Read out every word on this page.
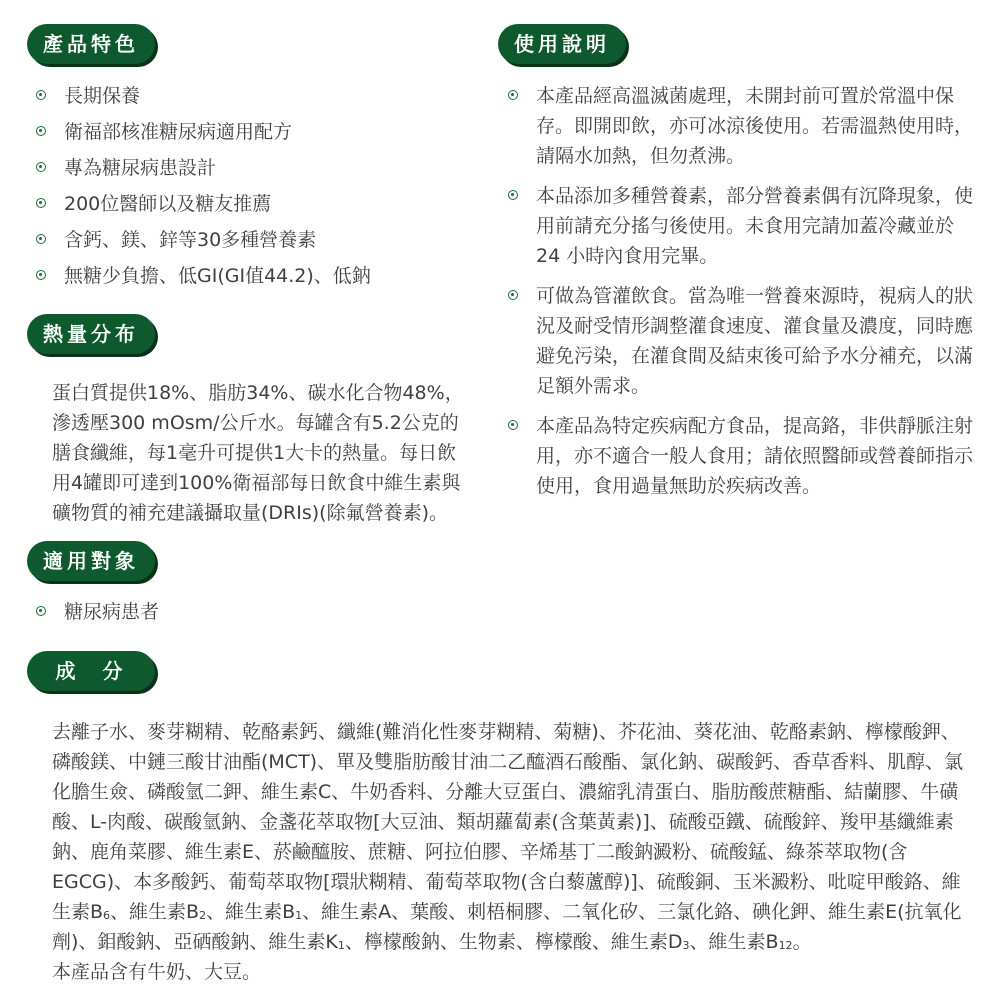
產品特色
長期保養
衛福部核准糖尿病適用配方
專為糖尿病患設計
200位醫師以及糖友推薦
含鈣、鎂、鋅等30多種營養素
無糖少負擔、低GI(GI值44.2)、低鈉
使用說明
本產品經高溫滅菌處理，未開封前可置於常溫中保存。即開即飲，亦可冰涼後使用。若需溫熱使用時，請隔水加熱，但勿煮沸。
本品添加多種營養素，部分營養素偶有沉降現象，使用前請充分搖勻後使用。未食用完請加蓋冷藏並於 24 小時內食用完畢。
可做為管灌飲食。當為唯一營養來源時，視病人的狀況及耐受情形調整灌食速度、灌食量及濃度，同時應避免污染，在灌食間及結束後可給予水分補充，以滿足額外需求。
本產品為特定疾病配方食品，提高鉻，非供靜脈注射用，亦不適合一般人食用；請依照醫師或營養師指示使用，食用過量無助於疾病改善。
熱量分布

蛋白質提供18%、脂肪34%、碳水化合物48%，滲透壓300 mOsm/公斤水。每罐含有5.2公克的膳食纖維，每1毫升可提供1大卡的熱量。每日飲用4罐即可達到100%衛福部每日飲食中維生素與礦物質的補充建議攝取量(DRIs)(除氟營養素)。

適用對象
糖尿病患者
成 分

去離子水、麥芽糊精、乾酪素鈣、纖維(難消化性麥芽糊精、菊糖)、芥花油、葵花油、乾酪素鈉、檸檬酸鉀、磷酸鎂、中鏈三酸甘油酯(MCT)、單及雙脂肪酸甘油二乙醯酒石酸酯、氯化鈉、碳酸鈣、香草香料、肌醇、氯化膽生僉、磷酸氫二鉀、維生素C、牛奶香料、分離大豆蛋白、濃縮乳清蛋白、脂肪酸蔗糖酯、結蘭膠、牛磺酸、L-肉酸、碳酸氫鈉、金盞花萃取物[大豆油、類胡蘿蔔素(含葉黃素)]、硫酸亞鐵、硫酸鋅、羧甲基纖維素鈉、鹿角菜膠、維生素E、菸鹼醯胺、蔗糖、阿拉伯膠、辛烯基丁二酸鈉澱粉、硫酸錳、綠茶萃取物(含EGCG)、本多酸鈣、葡萄萃取物[環狀糊精、葡萄萃取物(含白藜蘆醇)]、硫酸銅、玉米澱粉、吡啶甲酸鉻、維生素$B_6$、維生素$B_2$、維生素$B_1$、維生素A、葉酸、刺梧桐膠、二氧化矽、三氯化鉻、碘化鉀、維生素E(抗氧化劑)、鉬酸鈉、亞硒酸鈉、維生素$K_1$、檸檬酸鈉、生物素、檸檬酸、維生素$D_3$、維生素$B_{12}$。
本產品含有牛奶、大豆。
